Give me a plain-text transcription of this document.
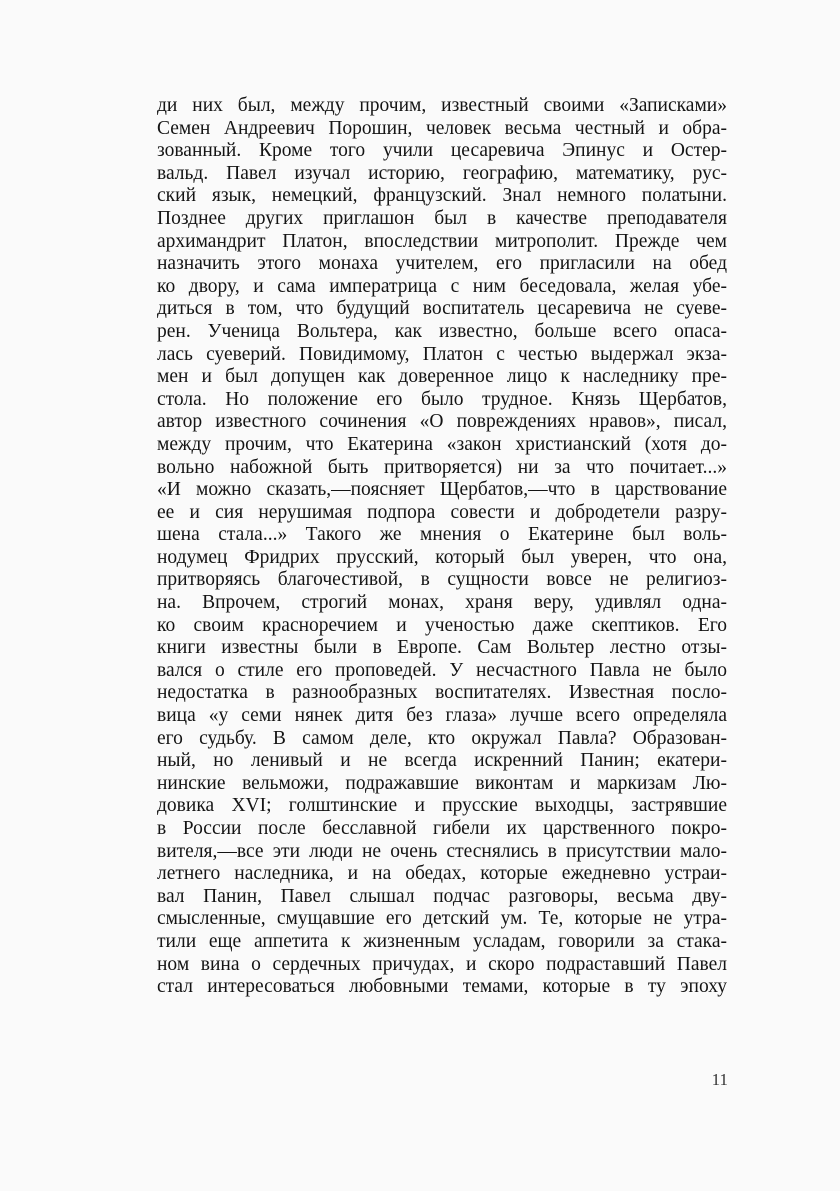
ди них был, между прочим, известный своими «Записками»
Семен Андреевич Порошин, человек весьма честный и обра-
зованный. Кроме того учили цесаревича Эпинус и Остер-
вальд. Павел изучал историю, географию, математику, рус-
ский язык, немецкий, французский. Знал немного полатыни.
Позднее других приглашон был в качестве преподавателя
архимандрит Платон, впоследствии митрополит. Прежде чем
назначить этого монаха учителем, его пригласили на обед
ко двору, и сама императрица с ним беседовала, желая убе-
диться в том, что будущий воспитатель цесаревича не суеве-
рен. Ученица Вольтера, как известно, больше всего опаса-
лась суеверий. Повидимому, Платон с честью выдержал экза-
мен и был допущен как доверенное лицо к наследнику пре-
стола. Но положение его было трудное. Князь Щербатов,
автор известного сочинения «О повреждениях нравов», писал,
между прочим, что Екатерина «закон христианский (хотя до-
вольно набожной быть притворяется) ни за что почитает...»
«И можно сказать,—поясняет Щербатов,—что в царствование
ее и сия нерушимая подпора совести и добродетели разру-
шена стала...» Такого же мнения о Екатерине был воль-
нодумец Фридрих прусский, который был уверен, что она,
притворяясь благочестивой, в сущности вовсе не религиоз-
на. Впрочем, строгий монах, храня веру, удивлял одна-
ко своим красноречием и ученостью даже скептиков. Его
книги известны были в Европе. Сам Вольтер лестно отзы-
вался о стиле его проповедей. У несчастного Павла не было
недостатка в разнообразных воспитателях. Известная посло-
вица «у семи нянек дитя без глаза» лучше всего определяла
его судьбу. В самом деле, кто окружал Павла? Образован-
ный, но ленивый и не всегда искренний Панин; екатери-
нинские вельможи, подражавшие виконтам и маркизам Лю-
довика XVI; голштинские и прусские выходцы, застрявшие
в России после бесславной гибели их царственного покро-
вителя,—все эти люди не очень стеснялись в присутствии мало-
летнего наследника, и на обедах, которые ежедневно устраи-
вал Панин, Павел слышал подчас разговоры, весьма дву-
смысленные, смущавшие его детский ум. Те, которые не утра-
тили еще аппетита к жизненным усладам, говорили за стака-
ном вина о сердечных причудах, и скоро подраставший Павел
стал интересоваться любовными темами, которые в ту эпоху
11
